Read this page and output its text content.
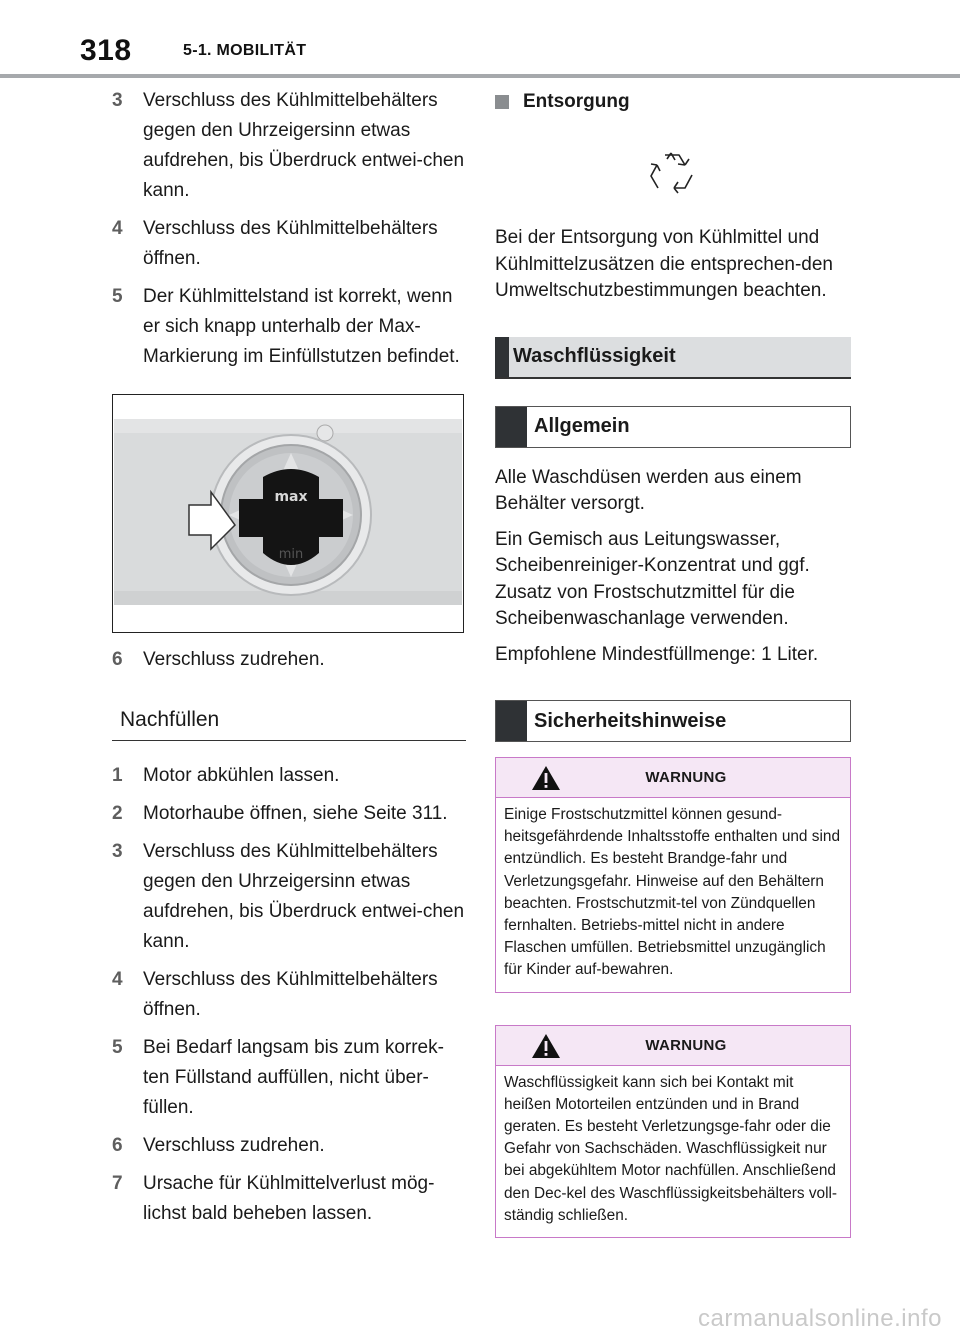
318	5-1. MOBILITÄT
3	Verschluss des Kühlmittelbehälters gegen den Uhrzeigersinn etwas aufdrehen, bis Überdruck entwei-chen kann.
4	Verschluss des Kühlmittelbehälters öffnen.
5	Der Kühlmittelstand ist korrekt, wenn er sich knapp unterhalb der Max-Markierung im Einfüllstutzen befindet.
max
min
6	Verschluss zudrehen.
Nachfüllen
1	Motor abkühlen lassen.
2	Motorhaube öffnen, siehe Seite 311.
3	Verschluss des Kühlmittelbehälters gegen den Uhrzeigersinn etwas aufdrehen, bis Überdruck entwei-chen kann.
4	Verschluss des Kühlmittelbehälters öffnen.
5	Bei Bedarf langsam bis zum korrek-ten Füllstand auffüllen, nicht über-füllen.
6	Verschluss zudrehen.
7	Ursache für Kühlmittelverlust mög-lichst bald beheben lassen.
Entsorgung
Bei der Entsorgung von Kühlmittel und Kühlmittelzusätzen die entsprechen-den Umweltschutzbestimmungen beachten.
Waschflüssigkeit
Allgemein
Alle Waschdüsen werden aus einem Behälter versorgt.
Ein Gemisch aus Leitungswasser, Scheibenreiniger-Konzentrat und ggf. Zusatz von Frostschutzmittel für die Scheibenwaschanlage verwenden.
Empfohlene Mindestfüllmenge: 1 Liter.
Sicherheitshinweise
WARNUNG
Einige Frostschutzmittel können gesund-heitsgefährdende Inhaltsstoffe enthalten und sind entzündlich. Es besteht Brandge-fahr und Verletzungsgefahr. Hinweise auf den Behältern beachten. Frostschutzmit-tel von Zündquellen fernhalten. Betriebs-mittel nicht in andere Flaschen umfüllen. Betriebsmittel unzugänglich für Kinder auf-bewahren.
WARNUNG
Waschflüssigkeit kann sich bei Kontakt mit heißen Motorteilen entzünden und in Brand geraten. Es besteht Verletzungsge-fahr oder die Gefahr von Sachschäden. Waschflüssigkeit nur bei abgekühltem Motor nachfüllen. Anschließend den Dec-kel des Waschflüssigkeitsbehälters voll-ständig schließen.
carmanualsonline.info
